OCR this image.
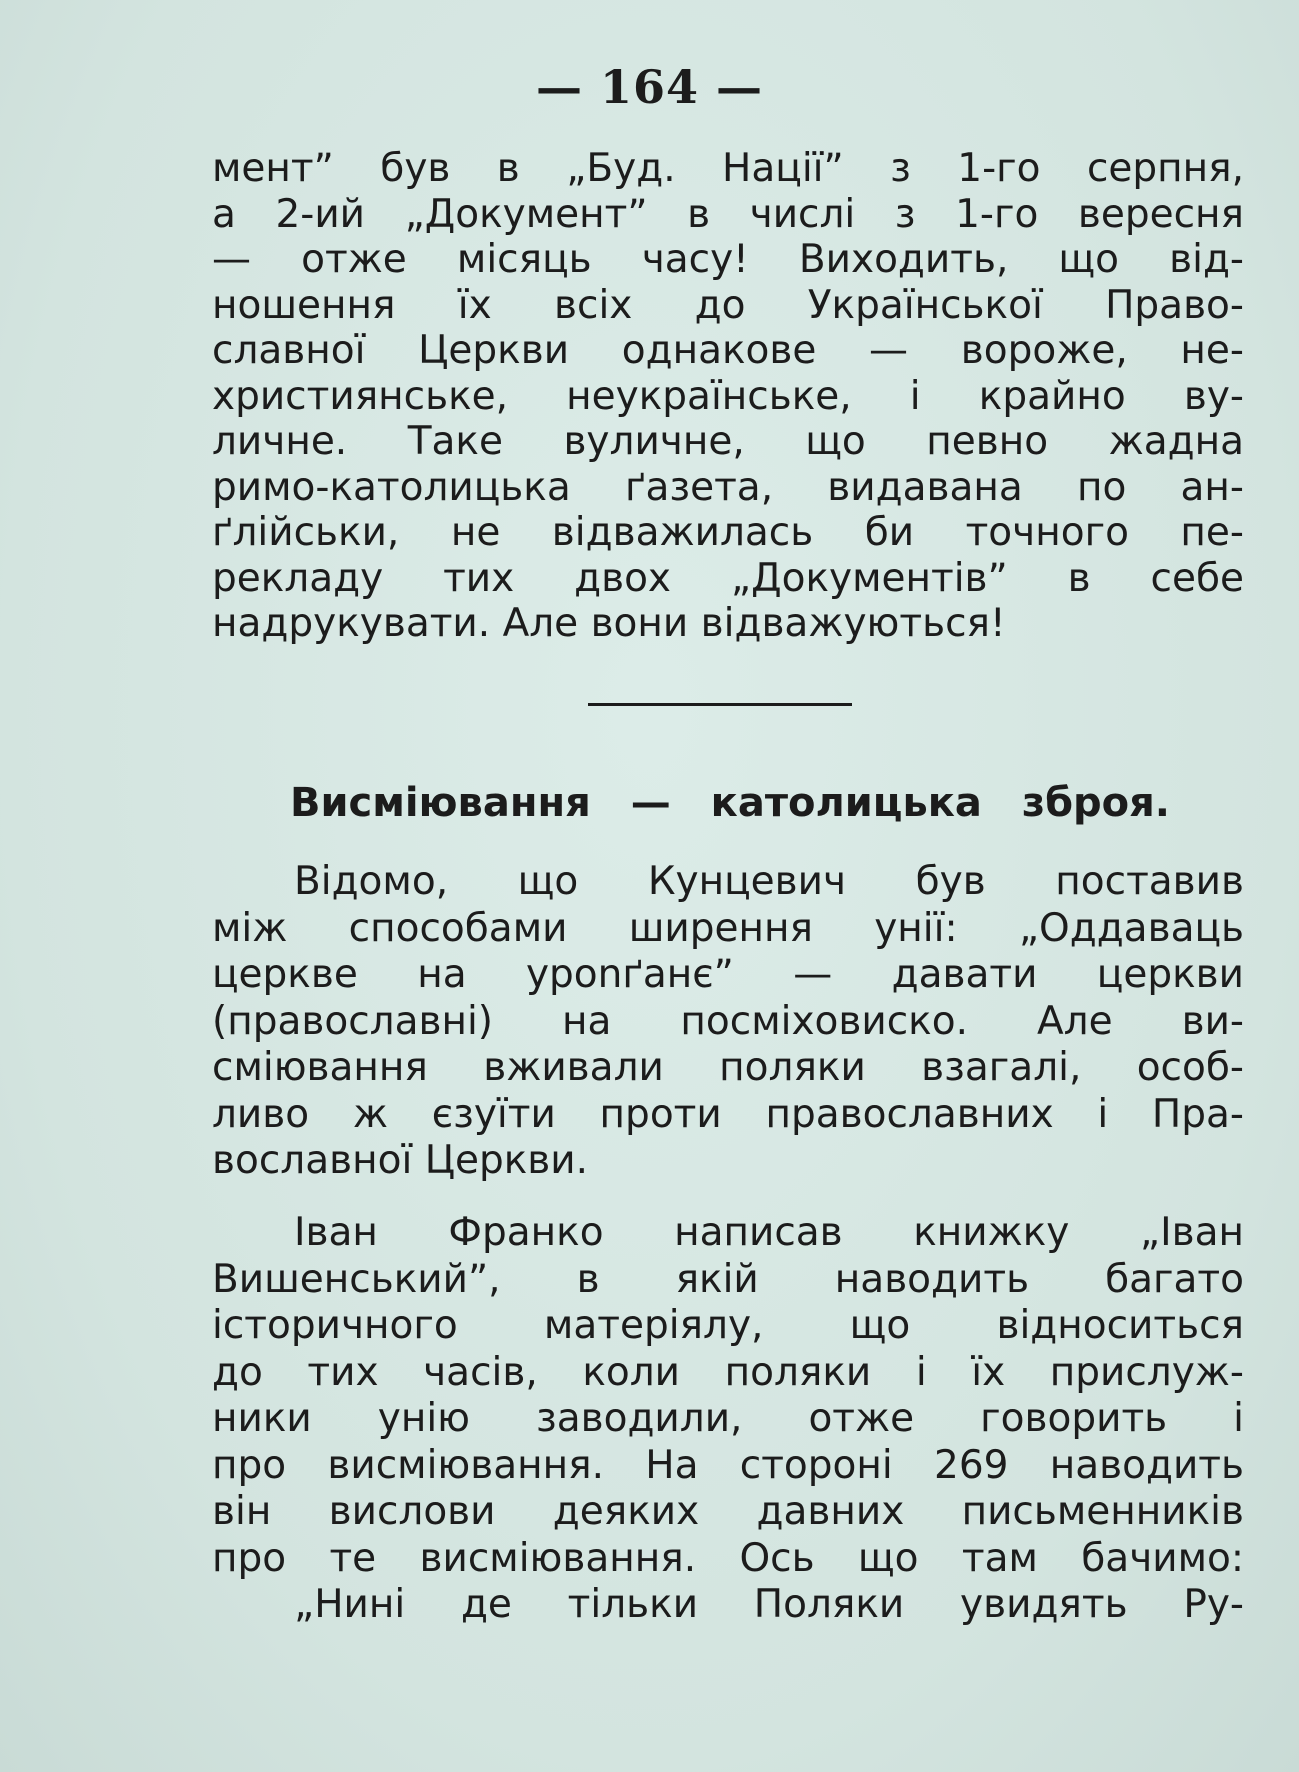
— 164 —
мент” був в „Буд. Нації” з 1-го серпня,
а 2-ий „Документ” в числі з 1-го вересня
— отже місяць часу! Виходить, що від-
ношення їх всіх до Української Право-
славної Церкви однакове — вороже, не-
християнське, неукраїнське, і крайно ву-
личне. Таке вуличне, що певно жадна
римо-католицька ґазета, видавана по ан-
ґлійськи, не відважилась би точного пе-
рекладу тих двох „Документів” в себе
надрукувати. Але вони відважуються!
Висміювання — католицька зброя.
Відомо, що Кунцевич був поставив
між способами ширення унії: „Оддаваць
церкве на урonґанє” — давати церкви
(православні) на посміховиско. Але ви-
сміювання вживали поляки взагалі, особ-
ливо ж єзуїти проти православних і Пра-
вославної Церкви.
Іван Франко написав книжку „Іван
Вишенський”, в якій наводить багато
історичного матеріялу, що відноситься
до тих часів, коли поляки і їх прислуж-
ники унію заводили, отже говорить і
про висміювання. На стороні 269 наводить
він вислови деяких давних письменників
про те висміювання. Ось що там бачимо:
„Нині де тільки Поляки увидять Ру-
